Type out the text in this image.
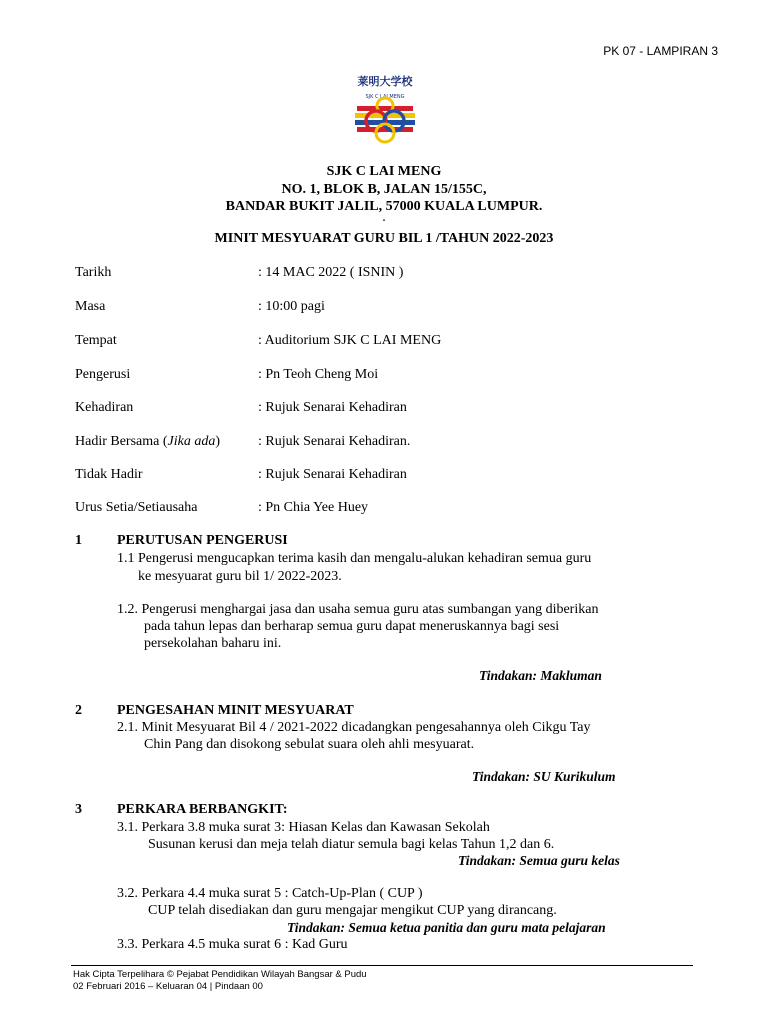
PK 07 - LAMPIRAN 3
莱明大学校
SJK C LAI MENG
SJK C LAI MENG
NO. 1, BLOK B, JALAN 15/155C,
BANDAR BUKIT JALIL, 57000 KUALA LUMPUR.
.
MINIT MESYUARAT GURU BIL 1 /TAHUN 2022-2023
Tarikh	: 14 MAC 2022 ( ISNIN )
Masa	: 10:00 pagi
Tempat	: Auditorium SJK C LAI MENG
Pengerusi	: Pn Teoh Cheng Moi
Kehadiran	: Rujuk Senarai Kehadiran
Hadir Bersama (Jika ada)	: Rujuk Senarai Kehadiran.
Tidak Hadir	: Rujuk Senarai Kehadiran
Urus Setia/Setiausaha	: Pn Chia Yee Huey
1	PERUTUSAN PENGERUSI
1.1 Pengerusi mengucapkan terima kasih dan mengalu-alukan kehadiran semua guru
ke mesyuarat guru bil 1/ 2022-2023.
1.2. Pengerusi menghargai jasa dan usaha semua guru atas sumbangan yang diberikan
pada tahun lepas dan berharap semua guru dapat meneruskannya bagi sesi
persekolahan baharu ini.
Tindakan: Makluman
2	PENGESAHAN MINIT MESYUARAT
2.1. Minit Mesyuarat Bil 4 / 2021-2022 dicadangkan pengesahannya oleh Cikgu Tay
Chin Pang dan disokong sebulat suara oleh ahli mesyuarat.
Tindakan: SU Kurikulum
3	PERKARA BERBANGKIT:
3.1. Perkara 3.8 muka surat 3: Hiasan Kelas dan Kawasan Sekolah
Susunan kerusi dan meja telah diatur semula bagi kelas Tahun 1,2 dan 6.
Tindakan: Semua guru kelas
3.2. Perkara 4.4 muka surat 5 : Catch-Up-Plan ( CUP )
CUP telah disediakan dan guru mengajar mengikut CUP yang dirancang.
Tindakan: Semua ketua panitia dan guru mata pelajaran
3.3. Perkara 4.5 muka surat 6 : Kad Guru
Hak Cipta Terpelihara © Pejabat Pendidikan Wilayah Bangsar & Pudu
02 Februari 2016 – Keluaran 04 | Pindaan 00
